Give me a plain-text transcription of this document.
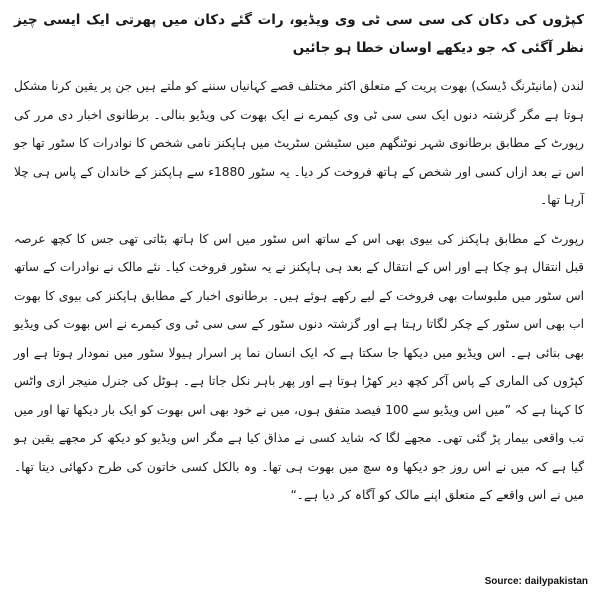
کپڑوں کی دکان کی سی سی ٹی وی ویڈیو، رات گئے دکان میں پھرتی ایک ایسی چیز نظر آگئی کہ جو دیکھے اوسان خطا ہو جائیں

لندن (مانیٹرنگ ڈیسک) بھوت پریت کے متعلق اکثر مختلف قصے کہانیاں سننے کو ملتے ہیں جن پر یقین کرنا مشکل ہوتا ہے مگر گزشتہ دنوں ایک سی سی ٹی وی کیمرے نے ایک بھوت کی ویڈیو بنالی۔ برطانوی اخبار دی مرر کی رپورٹ کے مطابق برطانوی شہر نوٹنگھم میں سٹیشن سٹریٹ میں ہاپکنز نامی شخص کا نوادرات کا سٹور تھا جو اس نے بعد ازاں کسی اور شخص کے ہاتھ فروخت کر دیا۔ یہ سٹور 1880ء سے ہاپکنز کے خاندان کے پاس ہی چلا آرہا تھا۔

رپورٹ کے مطابق ہاپکنز کی بیوی بھی اس کے ساتھ اس سٹور میں اس کا ہاتھ بٹاتی تھی جس کا کچھ عرصہ قبل انتقال ہو چکا ہے اور اس کے انتقال کے بعد ہی ہاپکنز نے یہ سٹور فروخت کیا۔ نئے مالک نے نوادرات کے ساتھ اس سٹور میں ملبوسات بھی فروخت کے لیے رکھے ہوئے ہیں۔ برطانوی اخبار کے مطابق ہاپکنز کی بیوی کا بھوت اب بھی اس سٹور کے چکر لگاتا رہتا ہے اور گزشتہ دنوں سٹور کے سی سی ٹی وی کیمرے نے اس بھوت کی ویڈیو بھی بنائی ہے۔ اس ویڈیو میں دیکھا جا سکتا ہے کہ ایک انسان نما پر اسرار ہیولا سٹور میں نمودار ہوتا ہے اور کپڑوں کی الماری کے پاس آکر کچھ دیر کھڑا ہوتا ہے اور پھر باہر نکل جاتا ہے۔ ہوٹل کی جنرل منیجر ازی واٹس کا کہنا ہے کہ ”میں اس ویڈیو سے 100 فیصد متفق ہوں، میں نے خود بھی اس بھوت کو ایک بار دیکھا تھا اور میں تب واقعی بیمار پڑ گئی تھی۔ مجھے لگا کہ شاید کسی نے مذاق کیا ہے مگر اس ویڈیو کو دیکھ کر مجھے یقین ہو گیا ہے کہ میں نے اس روز جو دیکھا وہ سچ میں بھوت ہی تھا۔ وہ بالکل کسی خاتون کی طرح دکھائی دیتا تھا۔ میں نے اس واقعے کے متعلق اپنے مالک کو آگاہ کر دیا ہے۔“

Source: dailypakistan
